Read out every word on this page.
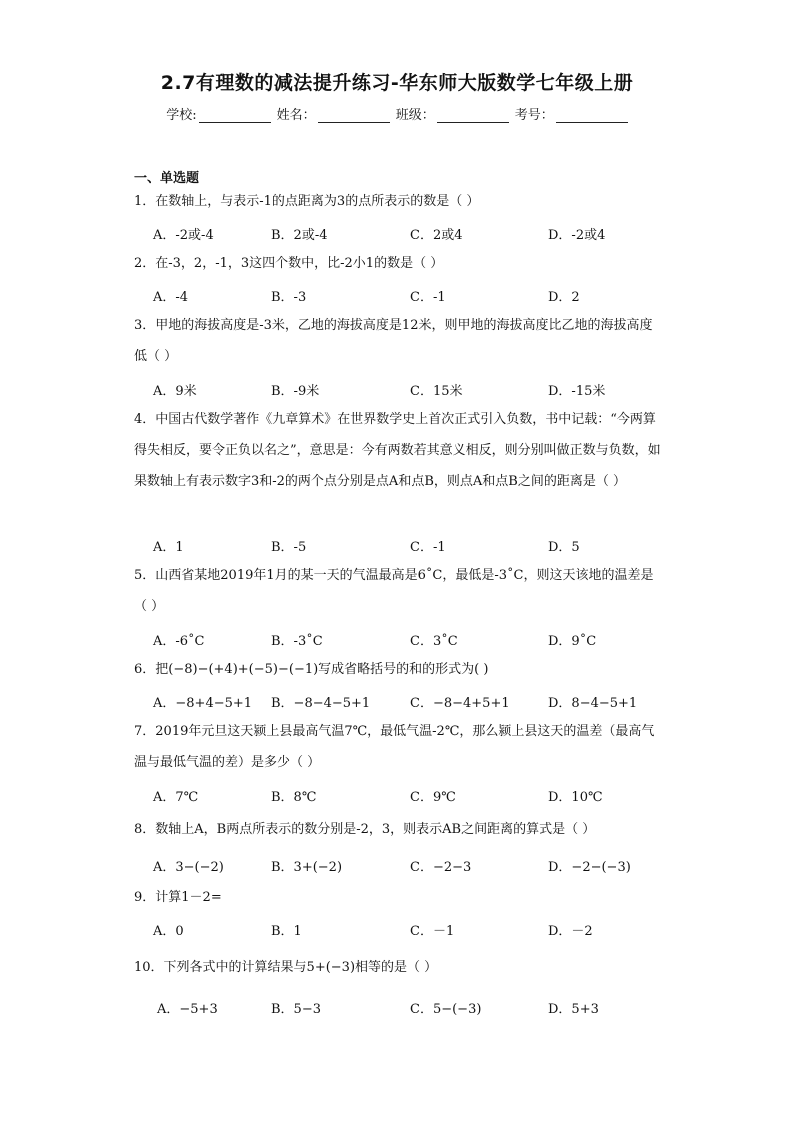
2.7有理数的减法提升练习-华东师大版数学七年级上册
学校:	姓名：	班级：	考号：
一、单选题
1．在数轴上，与表示-1的点距离为3的点所表示的数是（ ）
A．-2或-4	B．2或-4	C．2或4	D．-2或4
2．在-3，2，-1，3这四个数中，比-2小1的数是（ ）
A．-4	B．-3	C．-1	D．2
3．甲地的海拔高度是-3米，乙地的海拔高度是12米，则甲地的海拔高度比乙地的海拔高度低（ ）
A．9米	B．-9米	C．15米	D．-15米
4．中国古代数学著作《九章算术》在世界数学史上首次正式引入负数，书中记载：“今两算得失相反，要令正负以名之”，意思是：今有两数若其意义相反，则分别叫做正数与负数，如果数轴上有表示数字3和-2的两个点分别是点A和点B，则点A和点B之间的距离是（ ）
A．1	B．-5	C．-1	D．5
5．山西省某地2019年1月的某一天的气温最高是6˚C，最低是-3˚C，则这天该地的温差是（ ）
A．-6˚C	B．-3˚C	C．3˚C	D．9˚C
6．把(−8)−(+4)+(−5)−(−1)写成省略括号的和的形式为( )
A．−8+4−5+1 B．−8−4−5+1	C．−8−4+5+1	D．8−4−5+1
7．2019年元旦这天颍上县最高气温7℃，最低气温-2℃，那么颍上县这天的温差（最高气温与最低气温的差）是多少（ ）
A．7℃	B．8℃	C．9℃	D．10℃
8．数轴上A，B两点所表示的数分别是-2，3，则表示AB之间距离的算式是（ ）
A．3−(−2)	B．3+(−2)	C．−2−3	D．−2−(−3)
9．计算1－2=
A．0	B．1	C．－1	D．－2
10．下列各式中的计算结果与5+(−3)相等的是（ ）
A．−5+3	B．5−3	C．5−(−3)	D．5+3
